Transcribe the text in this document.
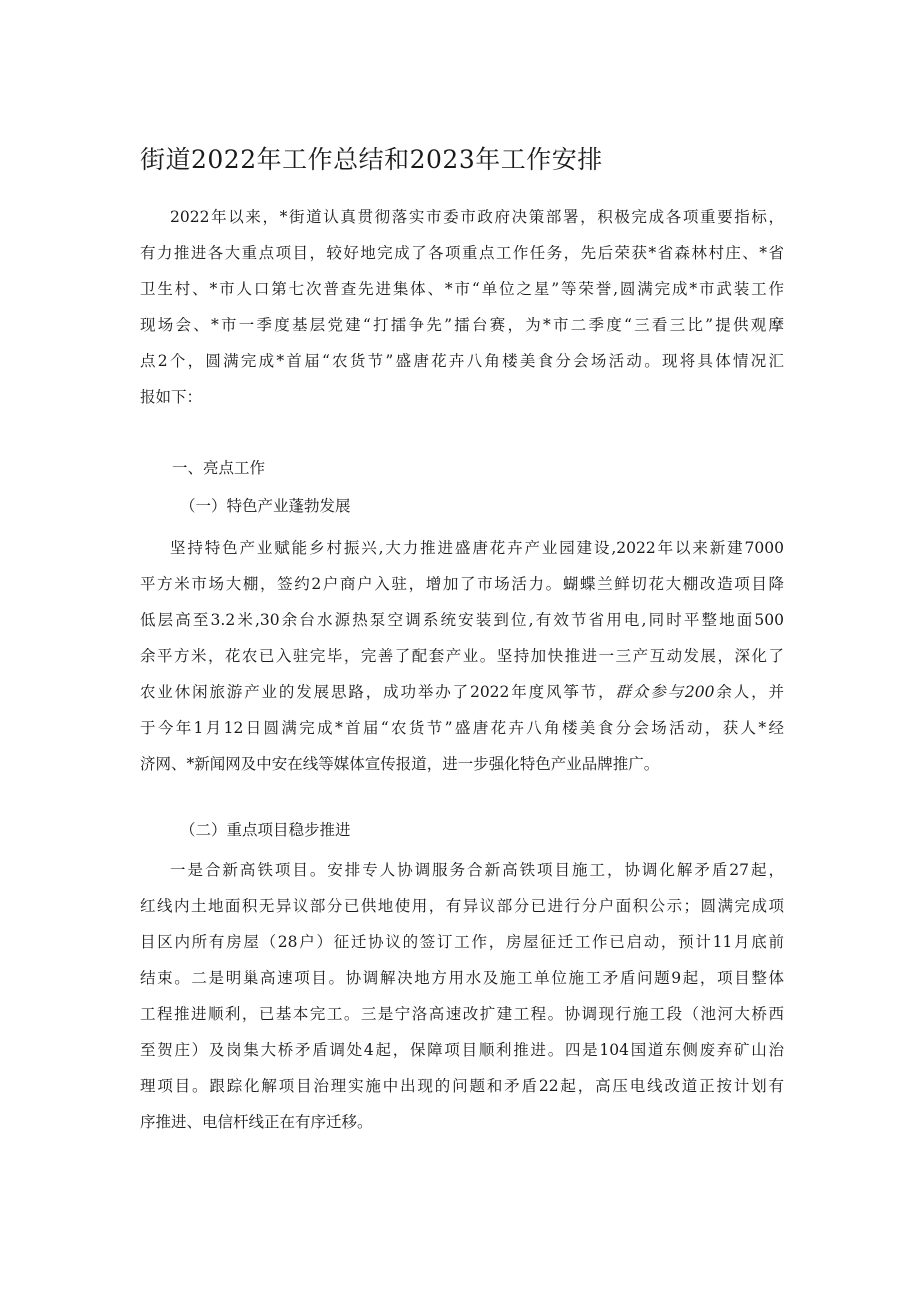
街道2022年工作总结和2023年工作安排
2022年以来，*街道认真贯彻落实市委市政府决策部署，积极完成各项重要指标，
有力推进各大重点项目，较好地完成了各项重点工作任务，先后荣获*省森林村庄、*省
卫生村、*市人口第七次普查先进集体、*市“单位之星”等荣誉,圆满完成*市武装工作
现场会、*市一季度基层党建“打擂争先”擂台赛，为*市二季度“三看三比”提供观摩
点2个，圆满完成*首届“农货节”盛唐花卉八角楼美食分会场活动。现将具体情况汇
报如下：
一、亮点工作
（一）特色产业蓬勃发展
坚持特色产业赋能乡村振兴,大力推进盛唐花卉产业园建设,2022年以来新建7000
平方米市场大棚，签约2户商户入驻，增加了市场活力。蝴蝶兰鲜切花大棚改造项目降
低层高至3.2米,30余台水源热泵空调系统安装到位,有效节省用电,同时平整地面500
余平方米，花农已入驻完毕，完善了配套产业。坚持加快推进一三产互动发展，深化了
农业休闲旅游产业的发展思路，成功举办了2022年度风筝节，群众参与200余人，并
于今年1月12日圆满完成*首届“农货节”盛唐花卉八角楼美食分会场活动，获人*经
济网、*新闻网及中安在线等媒体宣传报道，进一步强化特色产业品牌推广。
（二）重点项目稳步推进
一是合新高铁项目。安排专人协调服务合新高铁项目施工，协调化解矛盾27起，
红线内土地面积无异议部分已供地使用，有异议部分已进行分户面积公示；圆满完成项
目区内所有房屋（28户）征迁协议的签订工作，房屋征迁工作已启动，预计11月底前
结束。二是明巢高速项目。协调解决地方用水及施工单位施工矛盾问题9起，项目整体
工程推进顺利，已基本完工。三是宁洛高速改扩建工程。协调现行施工段（池河大桥西
至贺庄）及岗集大桥矛盾调处4起，保障项目顺利推进。四是104国道东侧废弃矿山治
理项目。跟踪化解项目治理实施中出现的问题和矛盾22起，高压电线改道正按计划有
序推进、电信杆线正在有序迁移。
